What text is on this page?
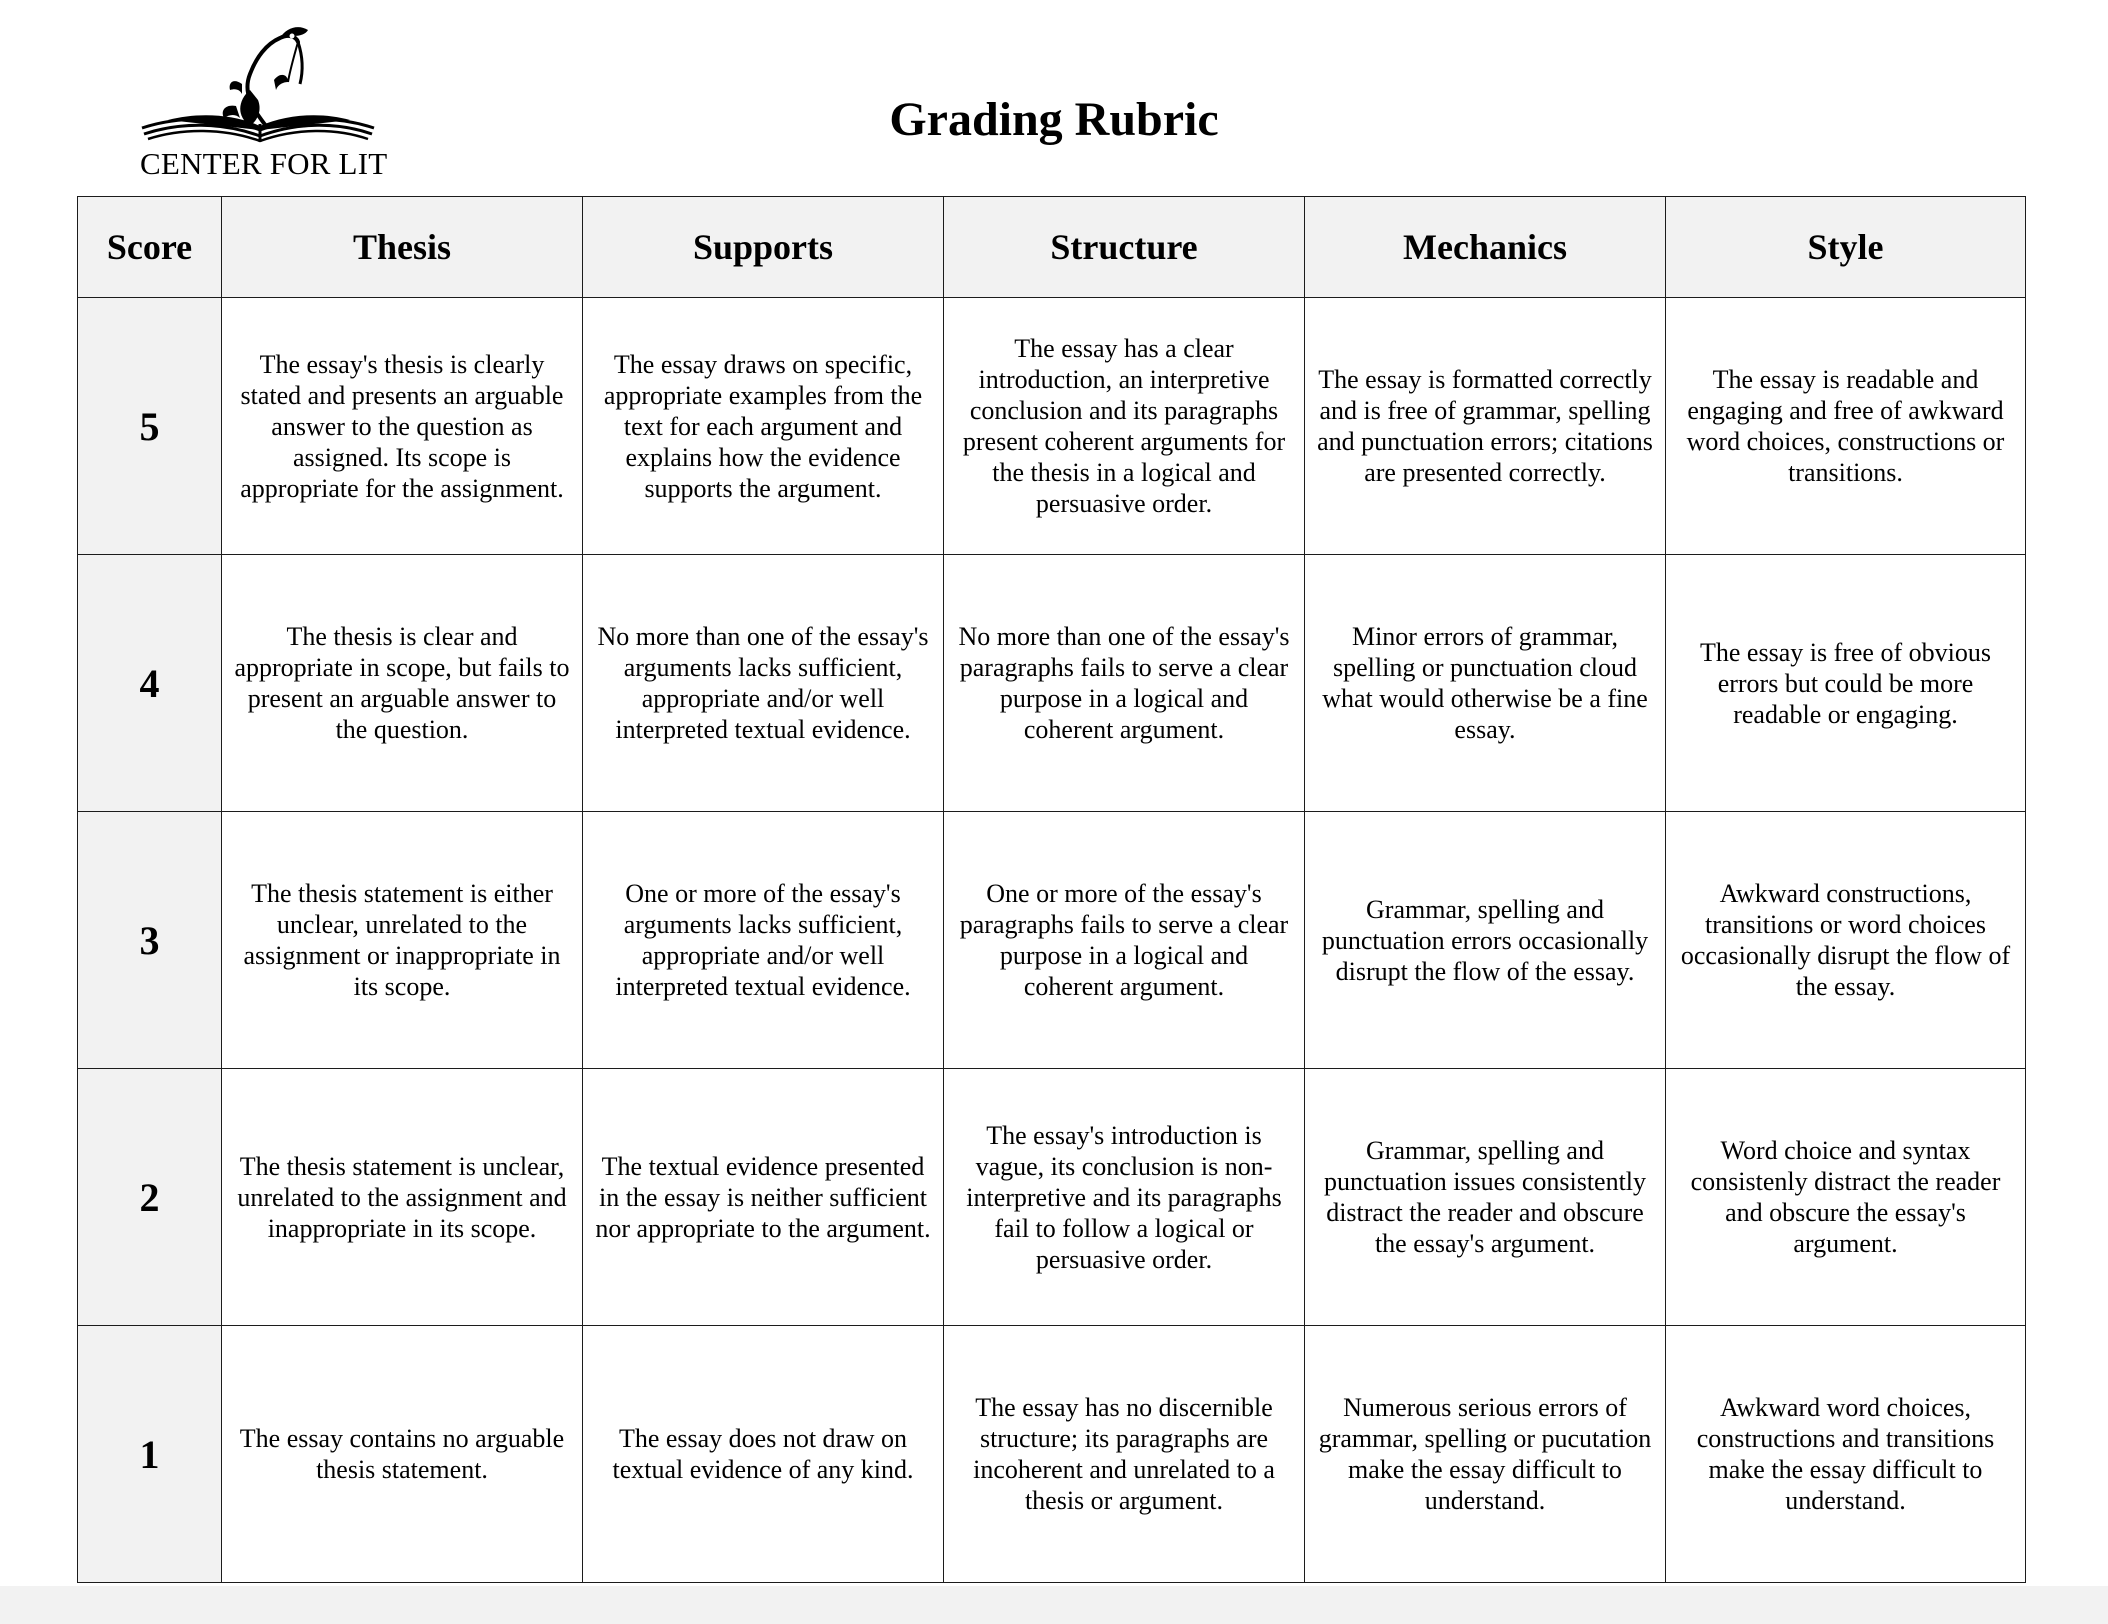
CENTER FOR LIT
Grading Rubric
Score	Thesis	Supports	Structure	Mechanics	Style
5	The essay's thesis is clearly stated and presents an arguable answer to the question as assigned. Its scope is appropriate for the assignment.	The essay draws on specific, appropriate examples from the text for each argument and explains how the evidence supports the argument.	The essay has a clear introduction, an interpretive conclusion and its paragraphs present coherent arguments for the thesis in a logical and persuasive order.	The essay is formatted correctly and is free of grammar, spelling and punctuation errors; citations are presented correctly.	The essay is readable and engaging and free of awkward word choices, constructions or transitions.
4	The thesis is clear and appropriate in scope, but fails to present an arguable answer to the question.	No more than one of the essay's arguments lacks sufficient, appropriate and/or well interpreted textual evidence.	No more than one of the essay's paragraphs fails to serve a clear purpose in a logical and coherent argument.	Minor errors of grammar, spelling or punctuation cloud what would otherwise be a fine essay.	The essay is free of obvious errors but could be more readable or engaging.
3	The thesis statement is either unclear, unrelated to the assignment or inappropriate in its scope.	One or more of the essay's arguments lacks sufficient, appropriate and/or well interpreted textual evidence.	One or more of the essay's paragraphs fails to serve a clear purpose in a logical and coherent argument.	Grammar, spelling and punctuation errors occasionally disrupt the flow of the essay.	Awkward constructions, transitions or word choices occasionally disrupt the flow of the essay.
2	The thesis statement is unclear, unrelated to the assignment and inappropriate in its scope.	The textual evidence presented in the essay is neither sufficient nor appropriate to the argument.	The essay's introduction is vague, its conclusion is non-interpretive and its paragraphs fail to follow a logical or persuasive order.	Grammar, spelling and punctuation issues consistently distract the reader and obscure the essay's argument.	Word choice and syntax consistenly distract the reader and obscure the essay's argument.
1	The essay contains no arguable thesis statement.	The essay does not draw on textual evidence of any kind.	The essay has no discernible structure; its paragraphs are incoherent and unrelated to a thesis or argument.	Numerous serious errors of grammar, spelling or pucutation make the essay difficult to understand.	Awkward word choices, constructions and transitions make the essay difficult to understand.
